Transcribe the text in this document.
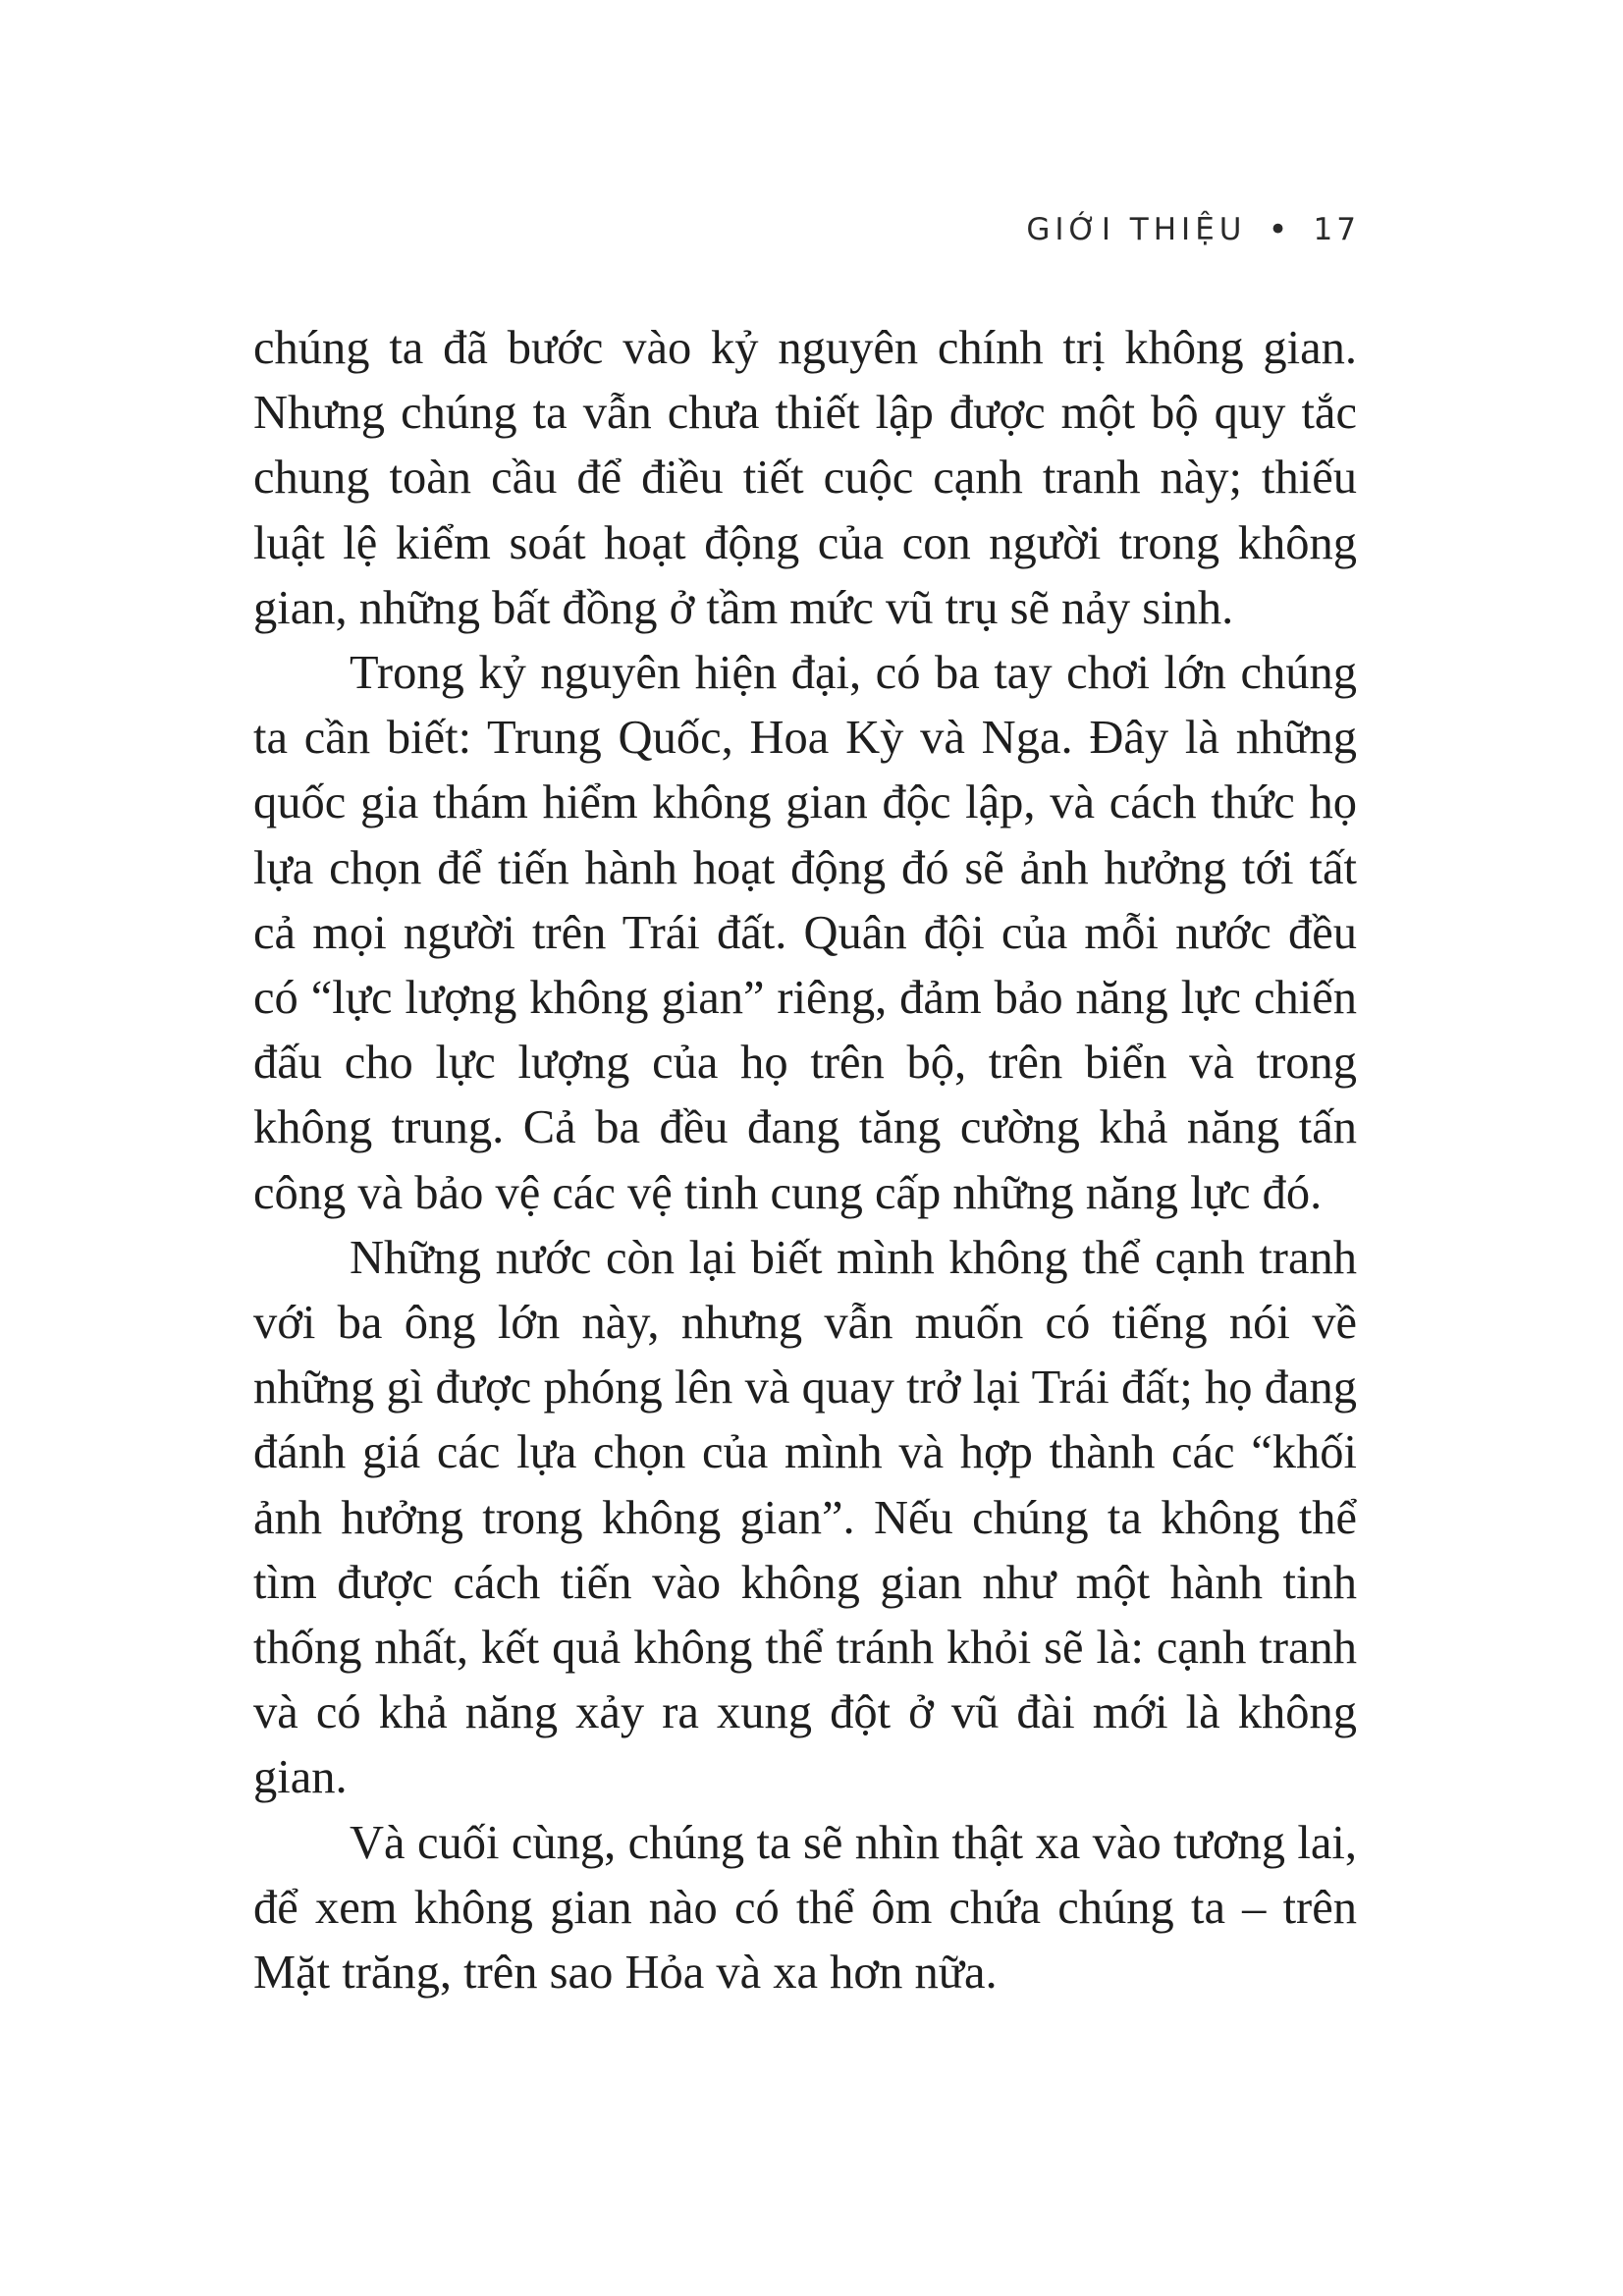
GIỚI THIỆU • 17

chúng ta đã bước vào kỷ nguyên chính trị không gian. Nhưng chúng ta vẫn chưa thiết lập được một bộ quy tắc chung toàn cầu để điều tiết cuộc cạnh tranh này; thiếu luật lệ kiểm soát hoạt động của con người trong không gian, những bất đồng ở tầm mức vũ trụ sẽ nảy sinh.

Trong kỷ nguyên hiện đại, có ba tay chơi lớn chúng ta cần biết: Trung Quốc, Hoa Kỳ và Nga. Đây là những quốc gia thám hiểm không gian độc lập, và cách thức họ lựa chọn để tiến hành hoạt động đó sẽ ảnh hưởng tới tất cả mọi người trên Trái đất. Quân đội của mỗi nước đều có “lực lượng không gian” riêng, đảm bảo năng lực chiến đấu cho lực lượng của họ trên bộ, trên biển và trong không trung. Cả ba đều đang tăng cường khả năng tấn công và bảo vệ các vệ tinh cung cấp những năng lực đó.

Những nước còn lại biết mình không thể cạnh tranh với ba ông lớn này, nhưng vẫn muốn có tiếng nói về những gì được phóng lên và quay trở lại Trái đất; họ đang đánh giá các lựa chọn của mình và hợp thành các “khối ảnh hưởng trong không gian”. Nếu chúng ta không thể tìm được cách tiến vào không gian như một hành tinh thống nhất, kết quả không thể tránh khỏi sẽ là: cạnh tranh và có khả năng xảy ra xung đột ở vũ đài mới là không gian.

Và cuối cùng, chúng ta sẽ nhìn thật xa vào tương lai, để xem không gian nào có thể ôm chứa chúng ta – trên Mặt trăng, trên sao Hỏa và xa hơn nữa.
